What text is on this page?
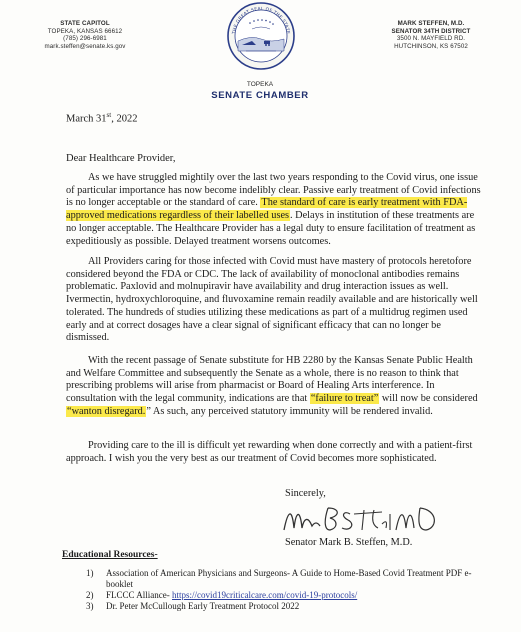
STATE CAPITOL
TOPEKA, KANSAS 66612
(785) 296-6981
mark.steffen@senate.ks.gov
THE GREAT SEAL OF THE STATE
TOPEKA
SENATE CHAMBER
MARK STEFFEN, M.D.
SENATOR 34TH DISTRICT
3500 N. MAYFIELD RD.
HUTCHINSON, KS 67502
March 31st, 2022
Dear Healthcare Provider,

As we have struggled mightily over the last two years responding to the Covid virus, one issue of particular importance has now become indelibly clear. Passive early treatment of Covid infections is no longer acceptable or the standard of care. The standard of care is early treatment with FDA-approved medications regardless of their labelled uses. Delays in institution of these treatments are no longer acceptable. The Healthcare Provider has a legal duty to ensure facilitation of treatment as expeditiously as possible. Delayed treatment worsens outcomes.

All Providers caring for those infected with Covid must have mastery of protocols heretofore considered beyond the FDA or CDC. The lack of availability of monoclonal antibodies remains problematic. Paxlovid and molnupiravir have availability and drug interaction issues as well. Ivermectin, hydroxychloroquine, and fluvoxamine remain readily available and are historically well tolerated. The hundreds of studies utilizing these medications as part of a multidrug regimen used early and at correct dosages have a clear signal of significant efficacy that can no longer be dismissed.

With the recent passage of Senate substitute for HB 2280 by the Kansas Senate Public Health and Welfare Committee and subsequently the Senate as a whole, there is no reason to think that prescribing problems will arise from pharmacist or Board of Healing Arts interference. In consultation with the legal community, indications are that “failure to treat” will now be considered “wanton disregard.” As such, any perceived statutory immunity will be rendered invalid.

Providing care to the ill is difficult yet rewarding when done correctly and with a patient-first approach. I wish you the very best as our treatment of Covid becomes more sophisticated.

Sincerely,
Senator Mark B. Steffen, M.D.
Educational Resources-
1) Association of American Physicians and Surgeons- A Guide to Home-Based Covid Treatment PDF e-booklet
2) FLCCC Alliance- https://covid19criticalcare.com/covid-19-protocols/
3) Dr. Peter McCullough Early Treatment Protocol 2022
